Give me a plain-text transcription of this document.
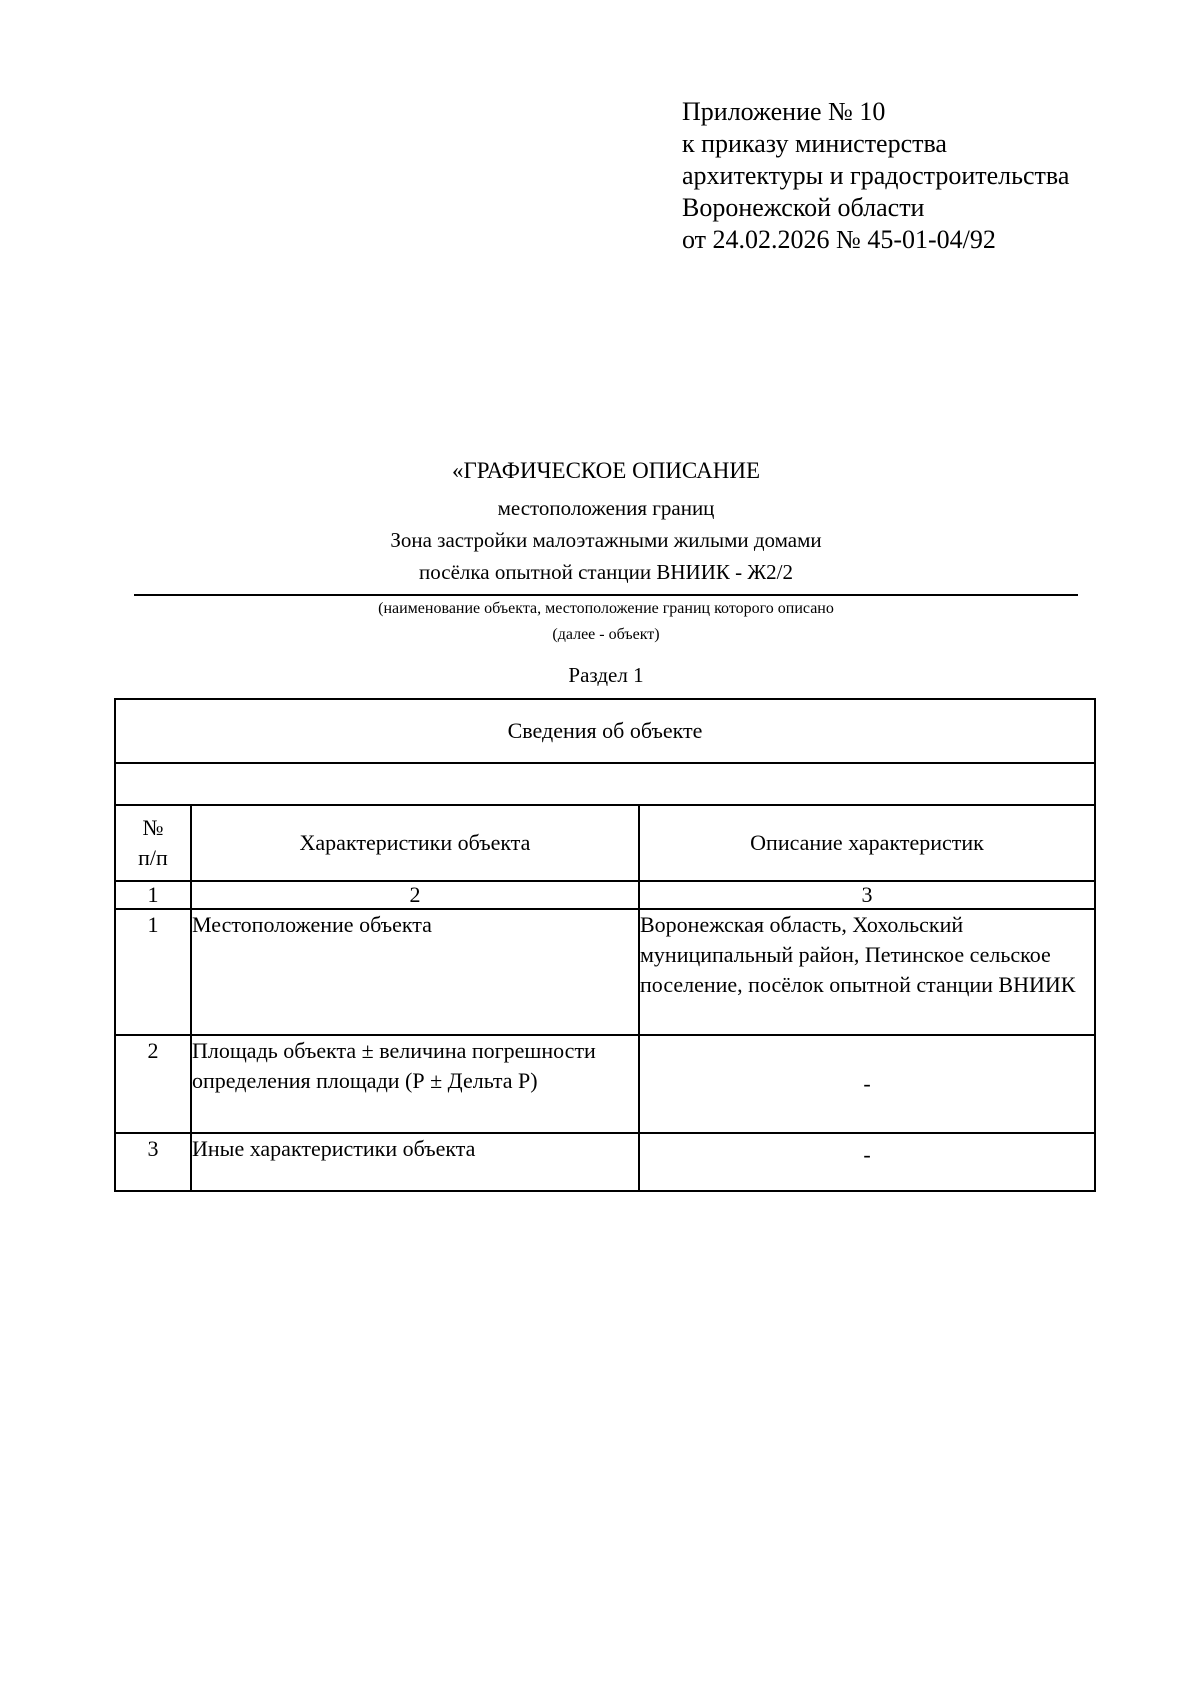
Приложение № 10
к приказу министерства
архитектуры и градостроительства
Воронежской области
от 24.02.2026 № 45-01-04/92
«ГРАФИЧЕСКОЕ ОПИСАНИЕ
местоположения границ
Зона застройки малоэтажными жилыми домами
посёлка опытной станции ВНИИК - Ж2/2
(наименование объекта, местоположение границ которого описано
(далее - объект)
Раздел 1
Сведения об объекте		

№
п/п	Характеристики объекта	Описание характеристик
1	2	3
1	Местоположение объекта	Воронежская область, Хохольский муниципальный район, Петинское сельское поселение, посёлок опытной станции ВНИИК
2	Площадь объекта ± величина погрешности определения площади (Р ± Дельта Р)	-
3	Иные характеристики объекта	-
